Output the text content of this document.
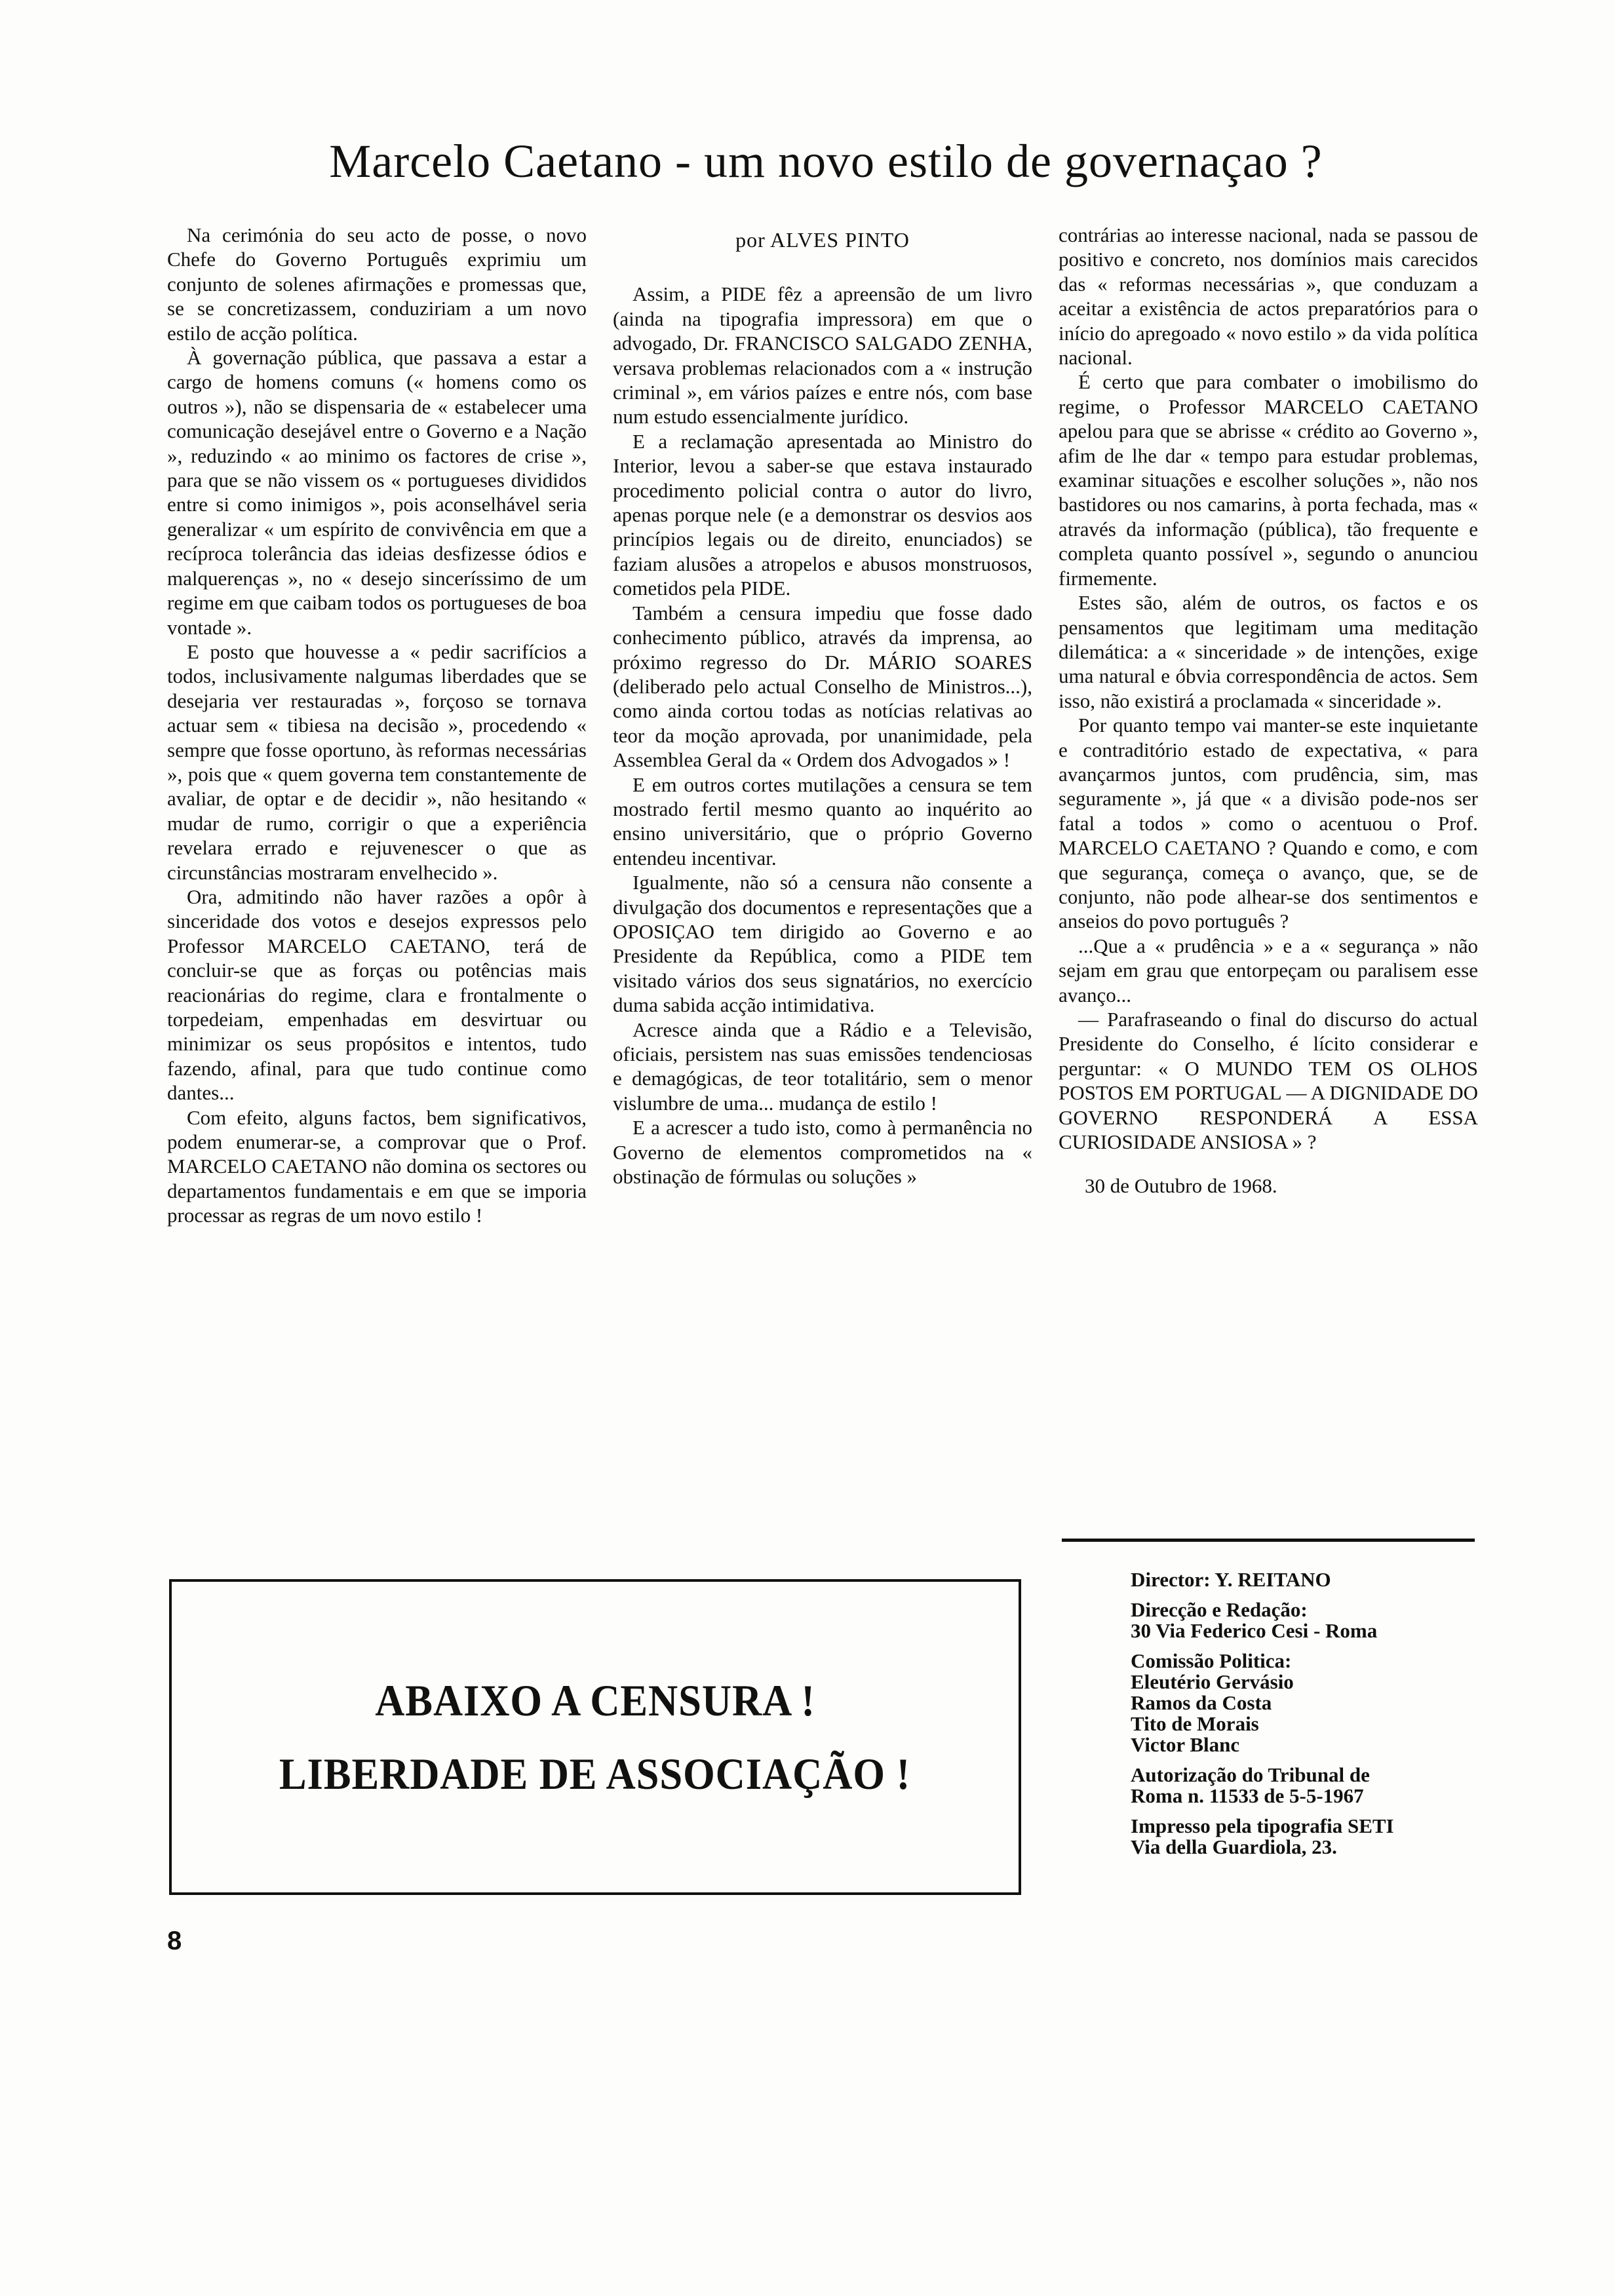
Marcelo Caetano - um novo estilo de governaçao ?

Na cerimónia do seu acto de posse, o novo Chefe do Governo Português exprimiu um conjunto de solenes afirmações e promessas que, se se concretizassem, conduziriam a um novo estilo de acção política.

À governação pública, que passava a estar a cargo de homens comuns (« homens como os outros »), não se dispensaria de « estabelecer uma comunicação desejável entre o Governo e a Nação », reduzindo « ao minimo os factores de crise », para que se não vissem os « portugueses divididos entre si como inimigos », pois aconselhável seria generalizar « um espírito de convivência em que a recíproca tolerância das ideias desfizesse ódios e malquerenças », no « desejo sinceríssimo de um regime em que caibam todos os portugueses de boa vontade ».

E posto que houvesse a « pedir sacrifícios a todos, inclusivamente nalgumas liberdades que se desejaria ver restauradas », forçoso se tornava actuar sem « tibiesa na decisão », procedendo « sempre que fosse oportuno, às reformas necessárias », pois que « quem governa tem constantemente de avaliar, de optar e de decidir », não hesitando « mudar de rumo, corrigir o que a experiência revelara errado e rejuvenescer o que as circunstâncias mostraram envelhecido ».

Ora, admitindo não haver razões a opôr à sinceridade dos votos e desejos expressos pelo Professor MARCELO CAETANO, terá de concluir-se que as forças ou potências mais reacionárias do regime, clara e frontalmente o torpedeiam, empenhadas em desvirtuar ou minimizar os seus propósitos e intentos, tudo fazendo, afinal, para que tudo continue como dantes...

Com efeito, alguns factos, bem significativos, podem enumerar-se, a comprovar que o Prof. MARCELO CAETANO não domina os sectores ou departamentos fundamentais e em que se imporia processar as regras de um novo estilo !

por ALVES PINTO

Assim, a PIDE fêz a apreensão de um livro (ainda na tipografia impressora) em que o advogado, Dr. FRANCISCO SALGADO ZENHA, versava problemas relacionados com a « instrução criminal », em vários paízes e entre nós, com base num estudo essencialmente jurídico.

E a reclamação apresentada ao Ministro do Interior, levou a saber-se que estava instaurado procedimento policial contra o autor do livro, apenas porque nele (e a demonstrar os desvios aos princípios legais ou de direito, enunciados) se faziam alusões a atropelos e abusos monstruosos, cometidos pela PIDE.

Também a censura impediu que fosse dado conhecimento público, através da imprensa, ao próximo regresso do Dr. MÁRIO SOARES (deliberado pelo actual Conselho de Ministros...), como ainda cortou todas as notícias relativas ao teor da moção aprovada, por unanimidade, pela Assemblea Geral da « Ordem dos Advogados » !

E em outros cortes mutilações a censura se tem mostrado fertil mesmo quanto ao inquérito ao ensino universitário, que o próprio Governo entendeu incentivar.

Igualmente, não só a censura não consente a divulgação dos documentos e representações que a OPOSIÇAO tem dirigido ao Governo e ao Presidente da República, como a PIDE tem visitado vários dos seus signatários, no exercício duma sabida acção intimidativa.

Acresce ainda que a Rádio e a Televisão, oficiais, persistem nas suas emissões tendenciosas e demagógicas, de teor totalitário, sem o menor vislumbre de uma... mudança de estilo !

E a acrescer a tudo isto, como à permanência no Governo de elementos comprometidos na « obstinação de fórmulas ou soluções »

contrárias ao interesse nacional, nada se passou de positivo e concreto, nos domínios mais carecidos das « reformas necessárias », que conduzam a aceitar a existência de actos preparatórios para o início do apregoado « novo estilo » da vida política nacional.

É certo que para combater o imobilismo do regime, o Professor MARCELO CAETANO apelou para que se abrisse « crédito ao Governo », afim de lhe dar « tempo para estudar problemas, examinar situações e escolher soluções », não nos bastidores ou nos camarins, à porta fechada, mas « através da informação (pública), tão frequente e completa quanto possível », segundo o anunciou firmemente.

Estes são, além de outros, os factos e os pensamentos que legitimam uma meditação dilemática: a « sinceridade » de intenções, exige uma natural e óbvia correspondência de actos. Sem isso, não existirá a proclamada « sinceridade ».

Por quanto tempo vai manter-se este inquietante e contraditório estado de expectativa, « para avançarmos juntos, com prudência, sim, mas seguramente », já que « a divisão pode-nos ser fatal a todos » como o acentuou o Prof. MARCELO CAETANO ? Quando e como, e com que segurança, começa o avanço, que, se de conjunto, não pode alhear-se dos sentimentos e anseios do povo português ?

...Que a « prudência » e a « segurança » não sejam em grau que entorpeçam ou paralisem esse avanço...

— Parafraseando o final do discurso do actual Presidente do Conselho, é lícito considerar e perguntar: « O MUNDO TEM OS OLHOS POSTOS EM PORTUGAL — A DIGNIDADE DO GOVERNO RESPONDERÁ A ESSA CURIOSIDADE ANSIOSA » ?

30 de Outubro de 1968.

ABAIXO A CENSURA !
LIBERDADE DE ASSOCIAÇÃO !
Director: Y. REITANO
Direcção e Redação:
30 Via Federico Cesi - Roma
Comissão Politica:
Eleutério Gervásio
Ramos da Costa
Tito de Morais
Victor Blanc
Autorização do Tribunal de
Roma n. 11533 de 5-5-1967
Impresso pela tipografia SETI
Via della Guardiola, 23.
8
